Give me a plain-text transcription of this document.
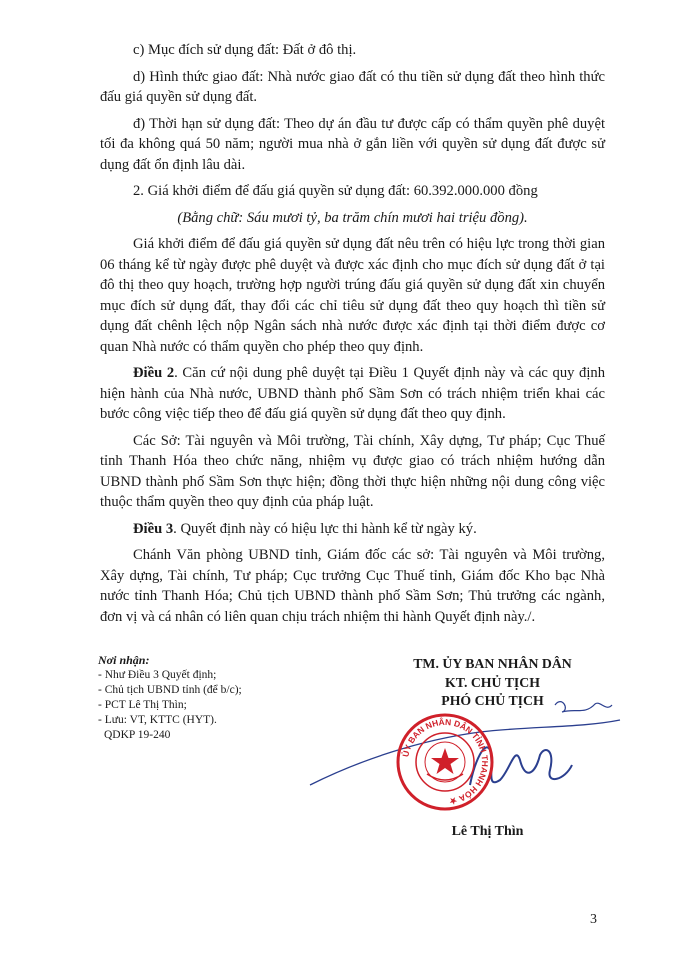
c) Mục đích sử dụng đất: Đất ở đô thị.

d) Hình thức giao đất: Nhà nước giao đất có thu tiền sử dụng đất theo hình thức đấu giá quyền sử dụng đất.

đ) Thời hạn sử dụng đất: Theo dự án đầu tư được cấp có thẩm quyền phê duyệt tối đa không quá 50 năm; người mua nhà ở gắn liền với quyền sử dụng đất được sử dụng đất ổn định lâu dài.

2. Giá khởi điểm để đấu giá quyền sử dụng đất: 60.392.000.000 đồng

(Bằng chữ: Sáu mươi tỷ, ba trăm chín mươi hai triệu đồng).

Giá khởi điểm để đấu giá quyền sử dụng đất nêu trên có hiệu lực trong thời gian 06 tháng kể từ ngày được phê duyệt và được xác định cho mục đích sử dụng đất ở tại đô thị theo quy hoạch, trường hợp người trúng đấu giá quyền sử dụng đất xin chuyển mục đích sử dụng đất, thay đổi các chỉ tiêu sử dụng đất theo quy hoạch thì tiền sử dụng đất chênh lệch nộp Ngân sách nhà nước được xác định tại thời điểm được cơ quan Nhà nước có thẩm quyền cho phép theo quy định.

Điều 2. Căn cứ nội dung phê duyệt tại Điều 1 Quyết định này và các quy định hiện hành của Nhà nước, UBND thành phố Sầm Sơn có trách nhiệm triển khai các bước công việc tiếp theo để đấu giá quyền sử dụng đất theo quy định.

Các Sở: Tài nguyên và Môi trường, Tài chính, Xây dựng, Tư pháp; Cục Thuế tỉnh Thanh Hóa theo chức năng, nhiệm vụ được giao có trách nhiệm hướng dẫn UBND thành phố Sầm Sơn thực hiện; đồng thời thực hiện những nội dung công việc thuộc thẩm quyền theo quy định của pháp luật.

Điều 3. Quyết định này có hiệu lực thi hành kể từ ngày ký.

Chánh Văn phòng UBND tỉnh, Giám đốc các sở: Tài nguyên và Môi trường, Xây dựng, Tài chính, Tư pháp; Cục trưởng Cục Thuế tỉnh, Giám đốc Kho bạc Nhà nước tỉnh Thanh Hóa; Chủ tịch UBND thành phố Sầm Sơn; Thủ trưởng các ngành, đơn vị và cá nhân có liên quan chịu trách nhiệm thi hành Quyết định này./.

Nơi nhận:
- Như Điều 3 Quyết định;
- Chủ tịch UBND tỉnh (để b/c);
- PCT Lê Thị Thìn;
- Lưu: VT, KTTC (HYT).
QDKP 19-240
TM. ỦY BAN NHÂN DÂN
KT. CHỦ TỊCH
PHÓ CHỦ TỊCH
ỦY BAN NHÂN DÂN TỈNH THANH HÓA ★
Lê Thị Thìn
3
